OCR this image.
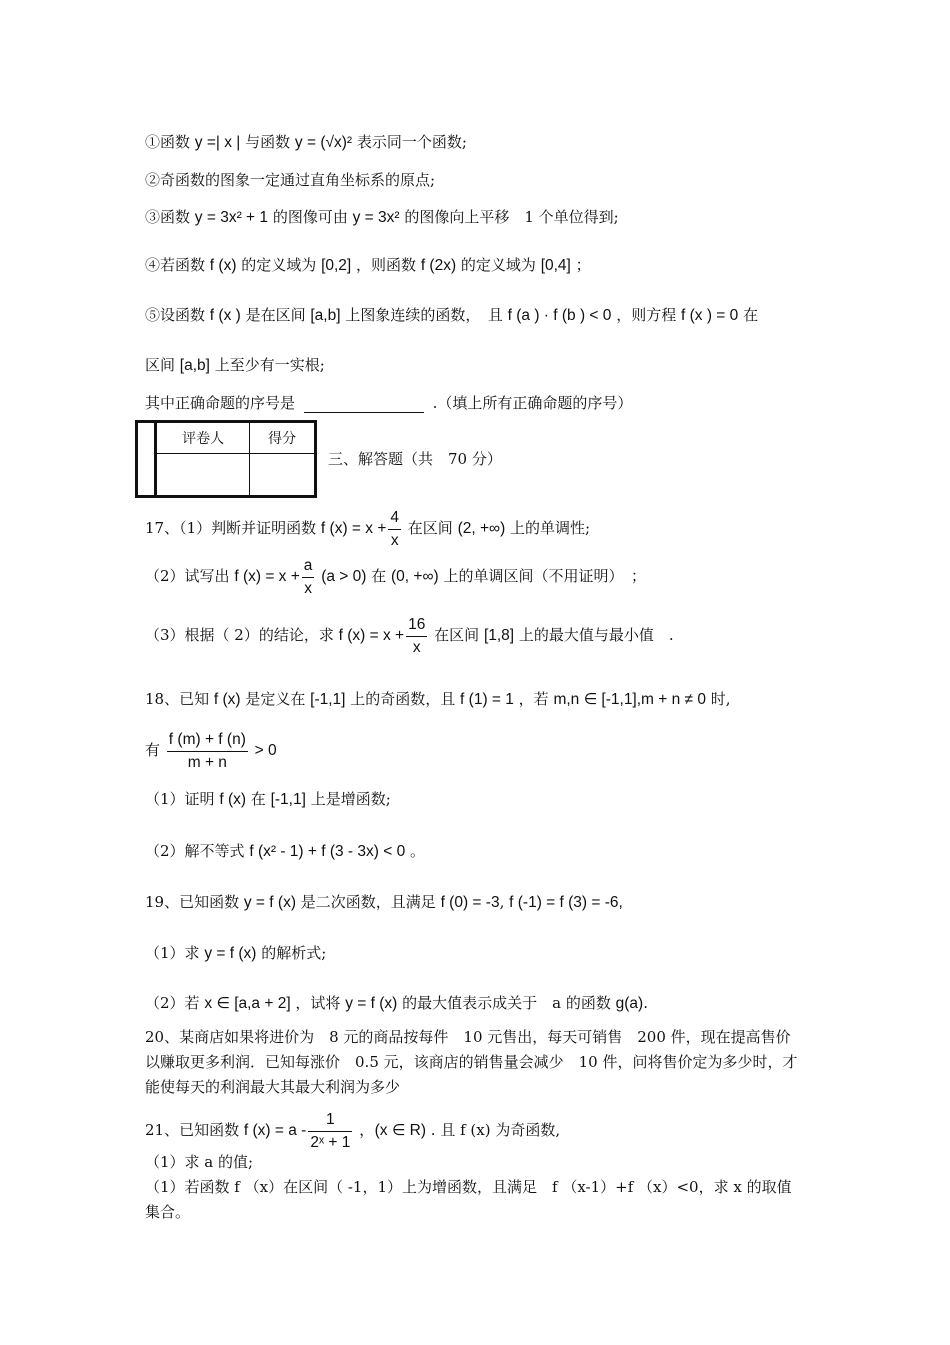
①函数 y =| x | 与函数 y = (√x)² 表示同一个函数;
②奇函数的图象一定通过直角坐标系的原点;
③函数 y = 3x² + 1 的图像可由 y = 3x² 的图像向上平移　1 个单位得到;
④若函数 f (x) 的定义域为 [0,2] ，则函数 f (2x) 的定义域为 [0,4] ；
⑤设函数 f (x ) 是在区间 [a,b] 上图象连续的函数，　且 f (a ) · f (b ) < 0 ，则方程 f (x ) = 0 在
区间 [a,b] 上至少有一实根;
其中正确命题的序号是	.（填上所有正确命题的序号）
	评卷人	得分

三、解答题（共　70 分）
17、（1）判断并证明函数 f $(x) = x + \frac{4}{x}$ 在区间 (2, +∞) 上的单调性;
（2）试写出 f $(x) = x + \frac{a}{x} (a > 0)$ 在 (0, +∞) 上的单调区间（不用证明）　；
（3）根据（ 2）的结论，求 f $(x) = x + \frac{16}{x}$ 在区间 [1,8] 上的最大值与最小值　.
18、已知 f (x) 是定义在 [-1,1] 上的奇函数，且 f (1) = 1 ，若 m,n ∈ [-1,1],m + n ≠ 0 时,
有 $\frac{f (m) + f (n)}{m + n} > 0$
（1）证明 f (x) 在 [-1,1] 上是增函数;
（2）解不等式 f (x² - 1) + f (3 - 3x) < 0 。
19、已知函数 y = f (x) 是二次函数，且满足 f (0) = -3, f (-1) = f (3) = -6,
（1）求 y = f (x) 的解析式;
（2）若 x ∈ [a,a + 2] ，试将 y = f (x) 的最大值表示成关于　a 的函数 g(a).
20、某商店如果将进价为　8 元的商品按每件　10 元售出，每天可销售　200 件，现在提高售价以赚取更多利润．已知每涨价　0.5 元，该商店的销售量会减少　10 件，问将售价定为多少时，才能使每天的利润最大其最大利润为多少
21、已知函数 f $(x) = a - \frac{1}{\text{2ˣ + 1}}$ ，(x ∈ R) . 且 f (x) 为奇函数,
（1）求 a 的值;
（1）若函数 f （x）在区间（ -1，1）上为增函数，且满足　f （x-1）+f （x）<0，求 x 的取值集合。
